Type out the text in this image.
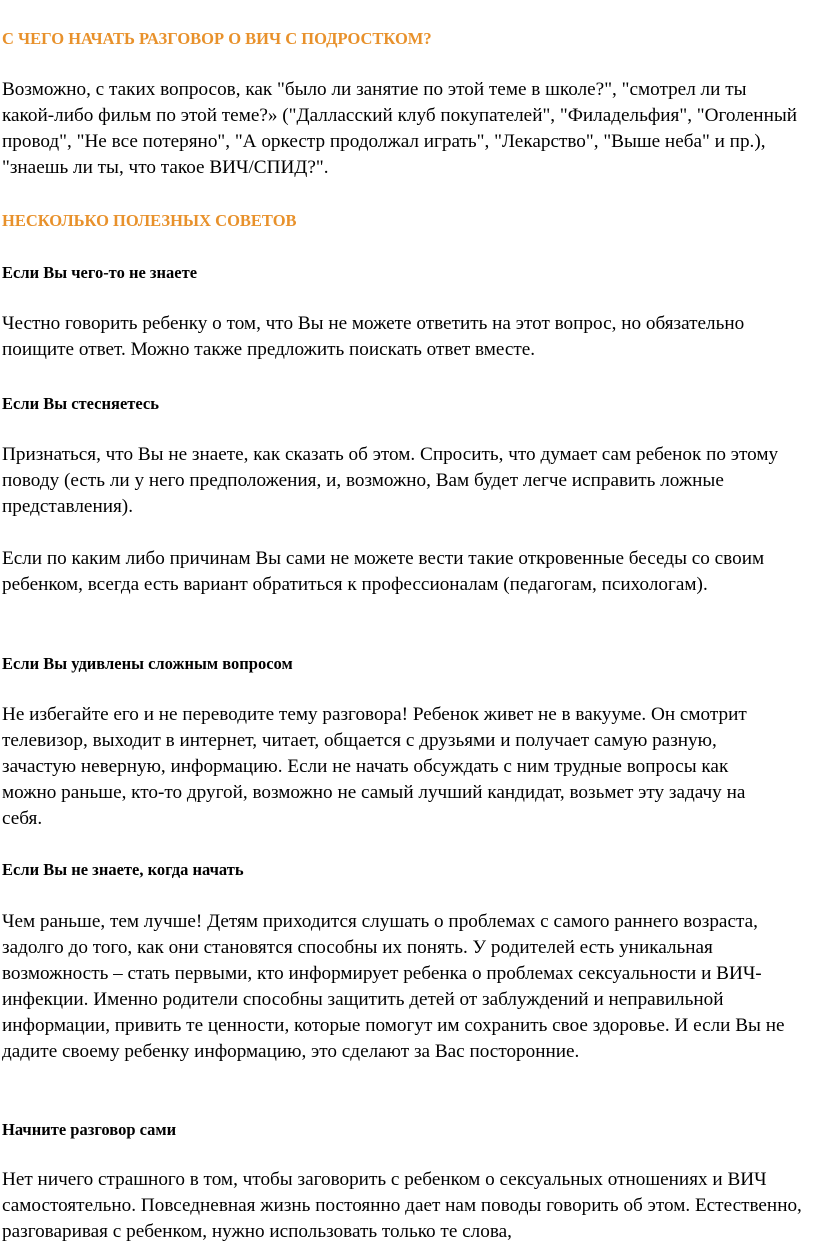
С ЧЕГО НАЧАТЬ РАЗГОВОР О ВИЧ С ПОДРОСТКОМ?

Возможно, с таких вопросов, как "было ли занятие по этой теме в школе?", "смотрел ли ты какой-либо фильм по этой теме?» ("Далласский клуб покупателей", "Филадельфия", "Оголенный провод", "Не все потеряно", "А оркестр продолжал играть", "Лекарство", "Выше неба" и пр.), "знаешь ли ты, что такое ВИЧ/СПИД?".

НЕСКОЛЬКО ПОЛЕЗНЫХ СОВЕТОВ
Если Вы чего-то не знаете

Честно говорить ребенку о том, что Вы не можете ответить на этот вопрос, но обязательно поищите ответ. Можно также предложить поискать ответ вместе.

Если Вы стесняетесь

Признаться, что Вы не знаете, как сказать об этом. Спросить, что думает сам ребенок по этому поводу (есть ли у него предположения, и, возможно, Вам будет легче исправить ложные представления).

Если по каким либо причинам Вы сами не можете вести такие откровенные беседы со своим ребенком, всегда есть вариант обратиться к профессионалам (педагогам, психологам).

Если Вы удивлены сложным вопросом

Не избегайте его и не переводите тему разговора! Ребенок живет не в вакууме. Он смотрит телевизор, выходит в интернет, читает, общается с друзьями и получает самую разную, зачастую неверную, информацию. Если не начать обсуждать с ним трудные вопросы как можно раньше, кто-то другой, возможно не самый лучший кандидат, возьмет эту задачу на себя.

Если Вы не знаете, когда начать

Чем раньше, тем лучше! Детям приходится слушать о проблемах с самого раннего возраста, задолго до того, как они становятся способны их понять. У родителей есть уникальная возможность – стать первыми, кто информирует ребенка о проблемах сексуальности и ВИЧ-инфекции. Именно родители способны защитить детей от заблуждений и неправильной информации, привить те ценности, которые помогут им сохранить свое здоровье. И если Вы не дадите своему ребенку информацию, это сделают за Вас посторонние.

Начните разговор сами

Нет ничего страшного в том, чтобы заговорить с ребенком о сексуальных отношениях и ВИЧ самостоятельно. Повседневная жизнь постоянно дает нам поводы говорить об этом. Естественно, разговаривая с ребенком, нужно использовать только те слова,
